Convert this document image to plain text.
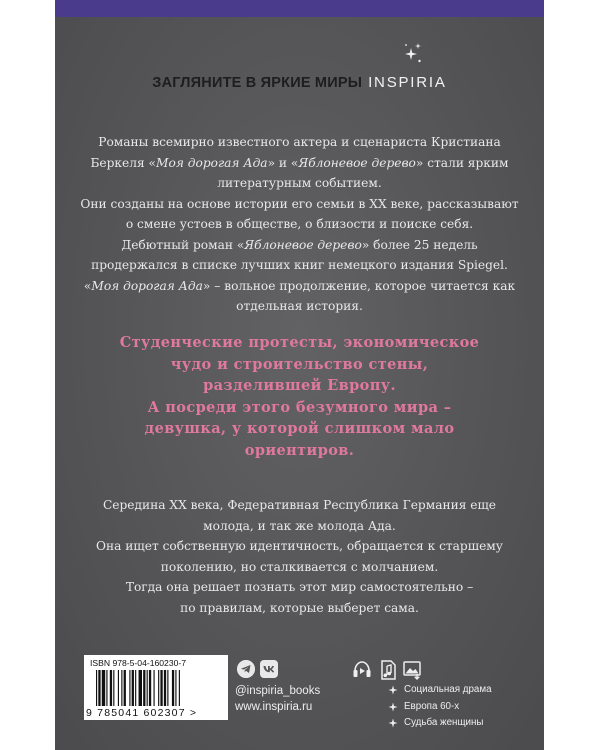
ЗАГЛЯНИТЕ В ЯРКИЕ МИРЫ INSPIRIA

Романы всемирно известного актера и сценариста Кристиана

Беркеля «Моя дорогая Ада» и «Яблоневое дерево» стали ярким

литературным событием.

Они созданы на основе истории его семьи в XX веке, рассказывают

о смене устоев в обществе, о близости и поиске себя.

Дебютный роман «Яблоневое дерево» более 25 недель

продержался в списке лучших книг немецкого издания Spiegel.

«Моя дорогая Ада» – вольное продолжение, которое читается как

отдельная история.

Студенческие протесты, экономическое

чудо и строительство стены,

разделившей Европу.

А посреди этого безумного мира –

девушка, у которой слишком мало

ориентиров.

Середина XX века, Федеративная Республика Германия еще

молода, и так же молода Ада.

Она ищет собственную идентичность, обращается к старшему

поколению, но сталкивается с молчанием.

Тогда она решает познать этот мир самостоятельно –

по правилам, которые выберет сама.

ISBN 978-5-04-160230-7
9 785041 602307 >
@inspiria_books
www.inspiria.ru
Социальная драма
Европа 60-х
Судьба женщины
